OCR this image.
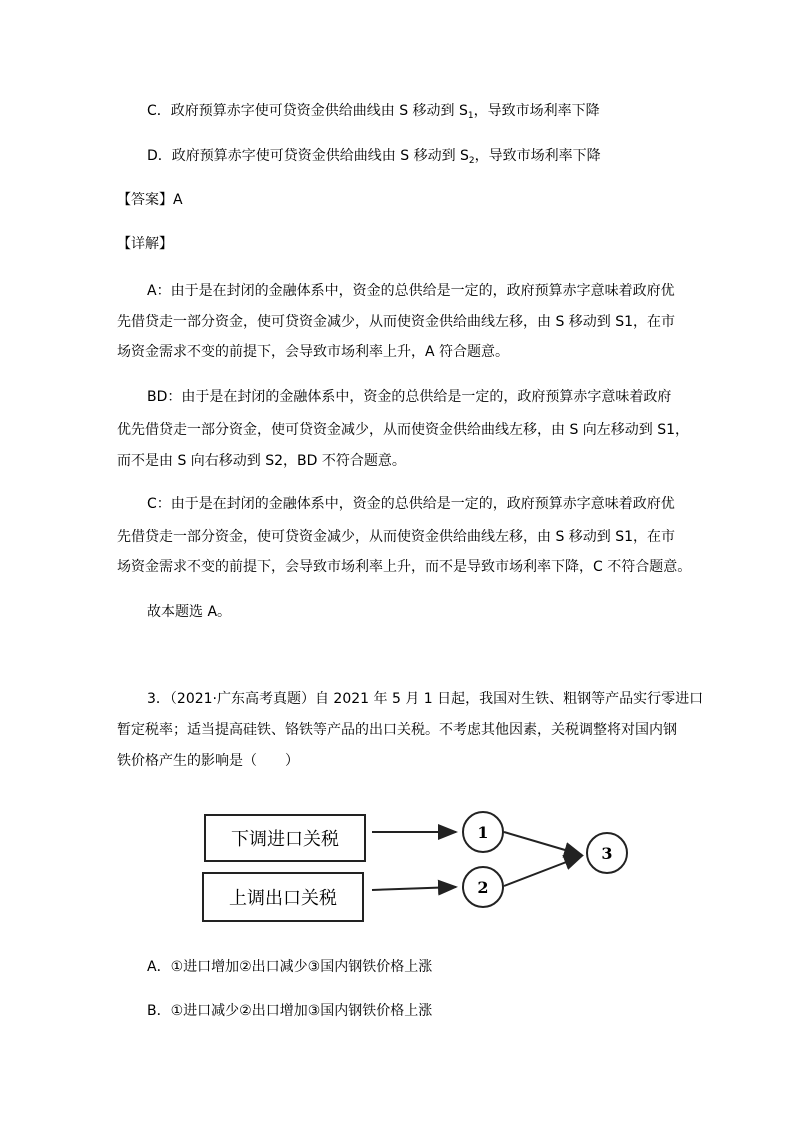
C．政府预算赤字使可贷资金供给曲线由 S 移动到 $S_1$，导致市场利率下降
D．政府预算赤字使可贷资金供给曲线由 S 移动到 $S_2$，导致市场利率下降
【答案】A
【详解】
A：由于是在封闭的金融体系中，资金的总供给是一定的，政府预算赤字意味着政府优
先借贷走一部分资金，使可贷资金减少，从而使资金供给曲线左移，由 S 移动到 S1，在市
场资金需求不变的前提下，会导致市场利率上升，A 符合题意。
BD：由于是在封闭的金融体系中，资金的总供给是一定的，政府预算赤字意味着政府
优先借贷走一部分资金，使可贷资金减少，从而使资金供给曲线左移，由 S 向左移动到 S1，
而不是由 S 向右移动到 S2，BD 不符合题意。
C：由于是在封闭的金融体系中，资金的总供给是一定的，政府预算赤字意味着政府优
先借贷走一部分资金，使可贷资金减少，从而使资金供给曲线左移，由 S 移动到 S1，在市
场资金需求不变的前提下，会导致市场利率上升，而不是导致市场利率下降，C 不符合题意。
故本题选 A。
3．（2021·广东高考真题）自 2021 年 5 月 1 日起，我国对生铁、粗钢等产品实行零进口
暂定税率；适当提高硅铁、铬铁等产品的出口关税。不考虑其他因素，关税调整将对国内钢
铁价格产生的影响是（　　）
下调进口关税
上调出口关税
1
2
3
A．①进口增加②出口减少③国内钢铁价格上涨
B．①进口减少②出口增加③国内钢铁价格上涨
